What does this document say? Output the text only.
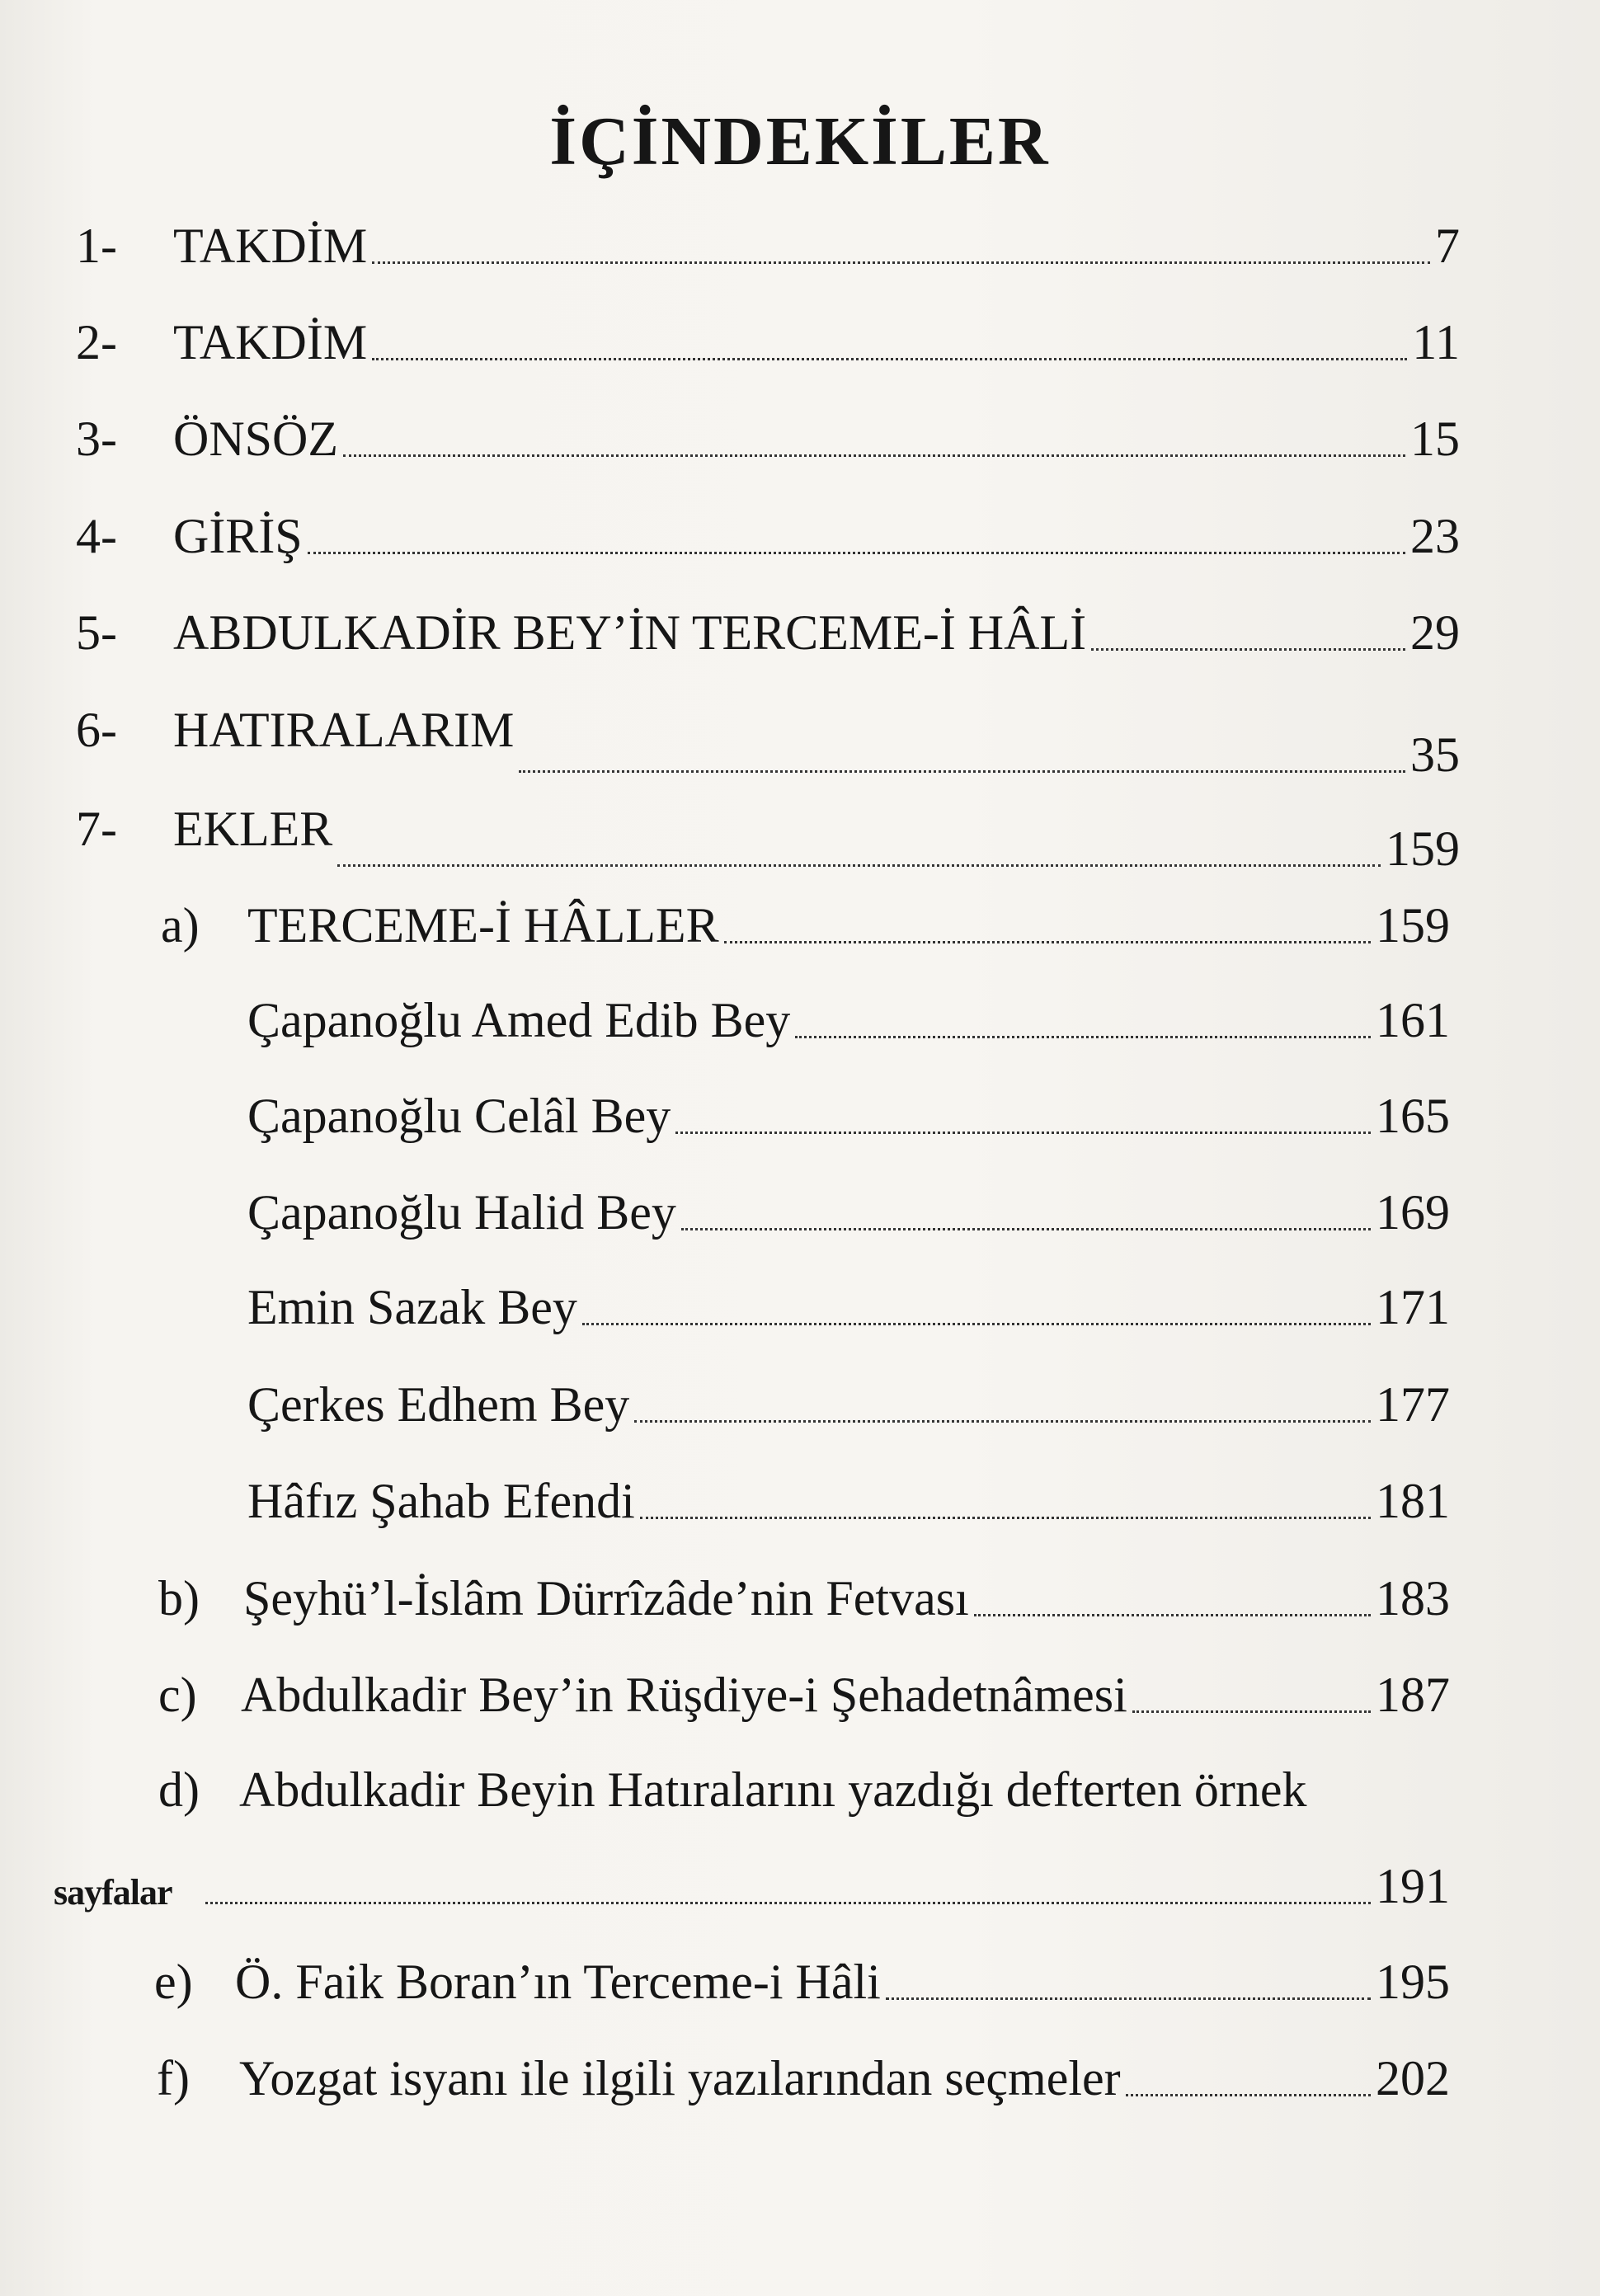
İÇİNDEKİLER
1- TAKDİM	7
2- TAKDİM	11
3- ÖNSÖZ	15
4- GİRİŞ	23
5- ABDULKADİR BEY’İN TERCEME-İ HÂLİ	29
6- HATIRALARIM	35
7- EKLER	159
a) TERCEME-İ HÂLLER	159
Çapanoğlu Amed Edib Bey	161
Çapanoğlu Celâl Bey	165
Çapanoğlu Halid Bey	169
Emin Sazak Bey	171
Çerkes Edhem Bey	177
Hâfız Şahab Efendi	181
b) Şeyhü’l-İslâm Dürrîzâde’nin Fetvası	183
c) Abdulkadir Bey’in Rüşdiye-i Şehadetnâmesi	187
d) Abdulkadir Beyin Hatıralarını yazdığı defterten örnek
sayfalar	191
e) Ö. Faik Boran’ın Terceme-i Hâli	195
f) Yozgat isyanı ile ilgili yazılarından seçmeler	202
